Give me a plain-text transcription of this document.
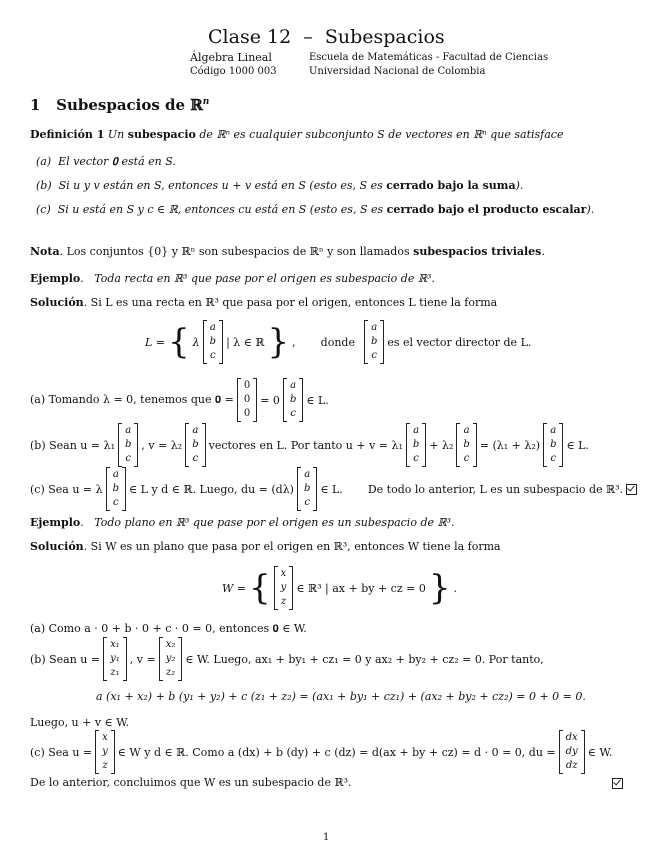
Clase 12 – Subespacios
Álgebra Lineal
Código 1000 003
Escuela de Matemáticas - Facultad de Ciencias
Universidad Nacional de Colombia
1 Subespacios de ℝ$^n$
Definición 1 Un subespacio de ℝⁿ es cualquier subconjunto S de vectores en ℝⁿ que satisface
(a) El vector 𝟎 está en S.
(b) Si u y v están en S, entonces u + v está en S (esto es, S es cerrado bajo la suma).
(c) Si u está en S y c ∈ ℝ, entonces cu está en S (esto es, S es cerrado bajo el producto escalar).
Nota. Los conjuntos {0} y ℝⁿ son subespacios de ℝⁿ y son llamados subespacios triviales.
Ejemplo.   Toda recta en ℝ³ que pase por el origen es subespacio de ℝ³.
Solución. Si L es una recta en ℝ³ que pasa por el origen, entonces L tiene la forma
L = { λ
a
b
c
| λ ∈ ℝ } , donde
a
b
c
es el vector director de L.
(a) Tomando λ = 0, tenemos que 𝟎 =
0
0
0
= 0
a
b
c
∈ L.
(b) Sean u = λ₁
a
b
c
, v = λ₂
a
b
c
vectores en L. Por tanto u + v = λ₁
a
b
c
+ λ₂
a
b
c
= (λ₁ + λ₂)
a
b
c
∈ L.
(c) Sea u = λ
a
b
c
∈ L y d ∈ ℝ. Luego, du = (dλ)
a
b
c
∈ L. De todo lo anterior, L es un subespacio de ℝ³.
Ejemplo.   Todo plano en ℝ³ que pase por el origen es un subespacio de ℝ³.
Solución. Si W es un plano que pasa por el origen en ℝ³, entonces W tiene la forma
W = { x
y
z
∈ ℝ³ | ax + by + cz = 0 } .
(a) Como a · 0 + b · 0 + c · 0 = 0, entonces 𝟎 ∈ W.
(b) Sean u =
x₁
y₁
z₁
, v =
x₂
y₂
z₂
∈ W. Luego, ax₁ + by₁ + cz₁ = 0 y ax₂ + by₂ + cz₂ = 0. Por tanto,
a (x₁ + x₂) + b (y₁ + y₂) + c (z₁ + z₂) = (ax₁ + by₁ + cz₁) + (ax₂ + by₂ + cz₂) = 0 + 0 = 0.
Luego, u + v ∈ W.
(c) Sea u =
x
y
z
∈ W y d ∈ ℝ. Como a (dx) + b (dy) + c (dz) = d(ax + by + cz) = d · 0 = 0, du =
dx
dy
dz
∈ W.
De lo anterior, concluimos que W es un subespacio de ℝ³.
1
